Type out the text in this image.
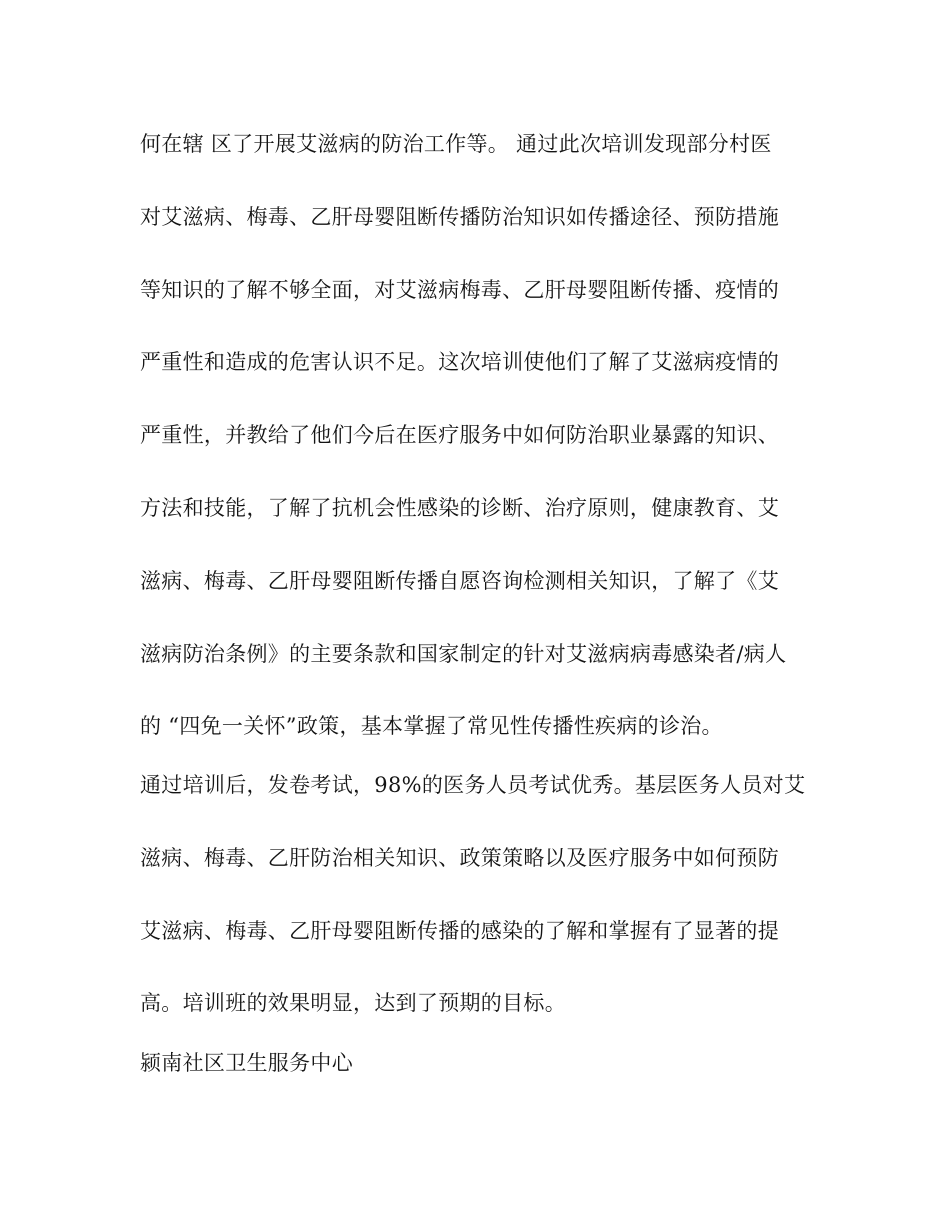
何在辖 区了开展艾滋病的防治工作等。 通过此次培训发现部分村医
对艾滋病、梅毒、乙肝母婴阻断传播防治知识如传播途径、预防措施
等知识的了解不够全面，对艾滋病梅毒、乙肝母婴阻断传播、疫情的
严重性和造成的危害认识不足。这次培训使他们了解了艾滋病疫情的
严重性，并教给了他们今后在医疗服务中如何防治职业暴露的知识、
方法和技能，了解了抗机会性感染的诊断、治疗原则，健康教育、艾
滋病、梅毒、乙肝母婴阻断传播自愿咨询检测相关知识，了解了《艾
滋病防治条例》的主要条款和国家制定的针对艾滋病病毒感染者/病人
的 “四免一关怀”政策，基本掌握了常见性传播性疾病的诊治。
通过培训后，发卷考试，98%的医务人员考试优秀。基层医务人员对艾
滋病、梅毒、乙肝防治相关知识、政策策略以及医疗服务中如何预防
艾滋病、梅毒、乙肝母婴阻断传播的感染的了解和掌握有了显著的提
高。培训班的效果明显，达到了预期的目标。
颍南社区卫生服务中心
